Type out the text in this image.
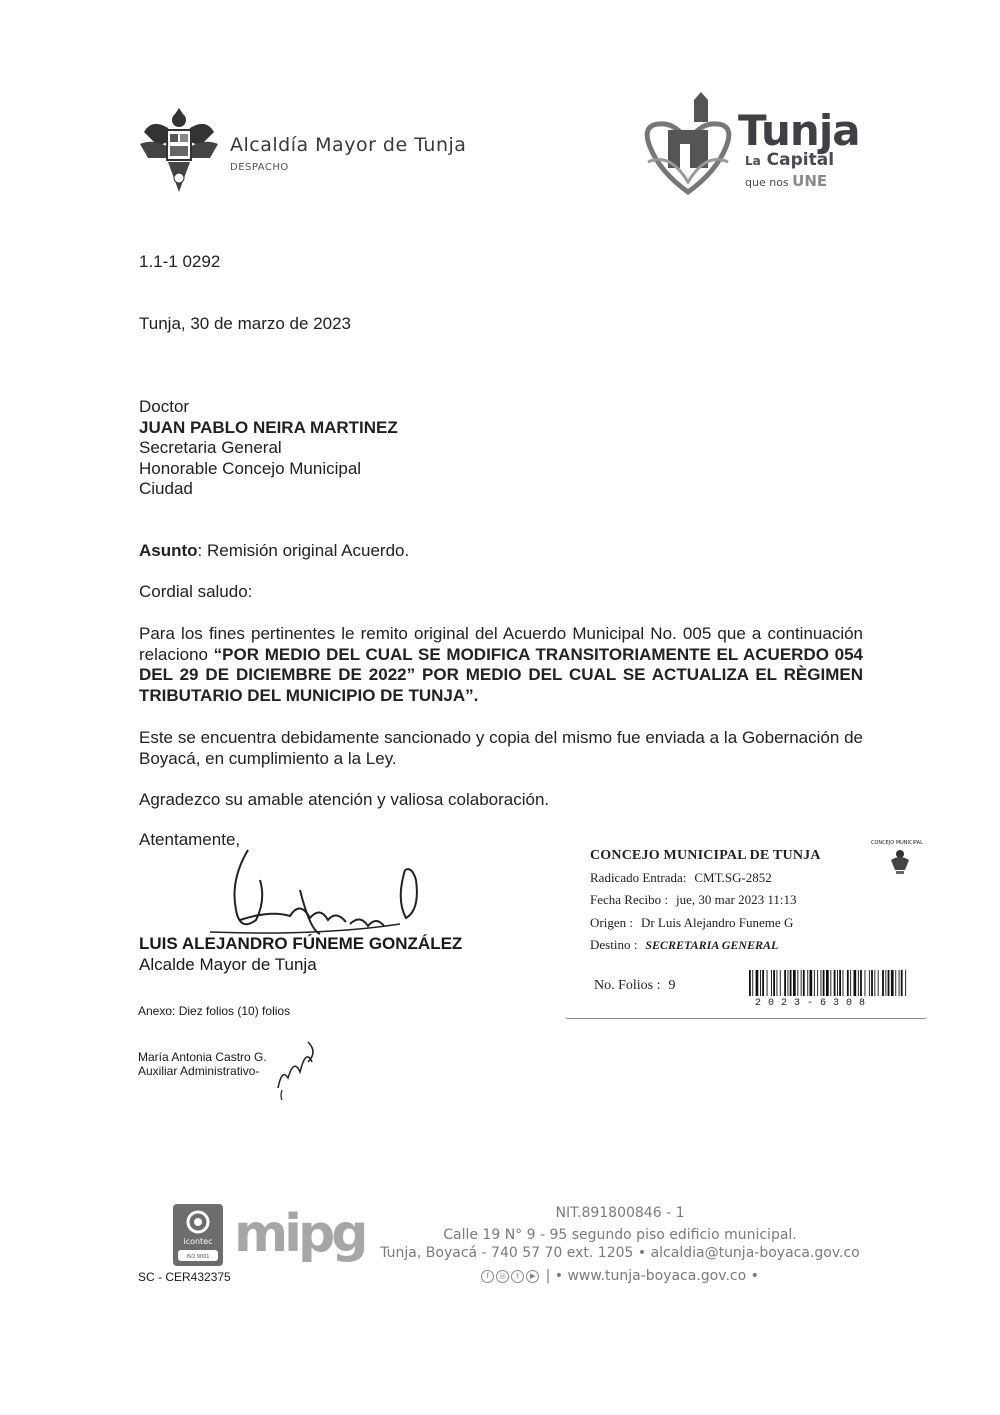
Alcaldía Mayor de Tunja
DESPACHO
Tunja
La Capital
que nos UNE
1.1-1 0292
Tunja, 30 de marzo de 2023
Doctor
JUAN PABLO NEIRA MARTINEZ
Secretaria General
Honorable Concejo Municipal
Ciudad
Asunto: Remisión original Acuerdo.
Cordial saludo:
Para los fines pertinentes le remito original del Acuerdo Municipal No. 005 que a continuación relaciono “POR MEDIO DEL CUAL SE MODIFICA TRANSITORIAMENTE EL ACUERDO 054 DEL 29 DE DICIEMBRE DE 2022” POR MEDIO DEL CUAL SE ACTUALIZA EL RÈGIMEN TRIBUTARIO DEL MUNICIPIO DE TUNJA”.
Este se encuentra debidamente sancionado y copia del mismo fue enviada a la Gobernación de Boyacá, en cumplimiento a la Ley.
Agradezco su amable atención y valiosa colaboración.
Atentamente,
LUIS ALEJANDRO FÚNEME GONZÁLEZ
Alcalde Mayor de Tunja
Anexo: Diez folios (10) folios
María Antonia Castro G.
Auxiliar Administrativo-
CONCEJO MUNICIPAL DE TUNJA
Radicado Entrada: CMT.SG-2852
Fecha Recibo : jue, 30 mar 2023 11:13
Origen : Dr Luis Alejandro Funeme G
Destino : SECRETARIA GENERAL
No. Folios : 9
CONCEJO MUNICIPAL
2023-6308
icontec
ISO 9001 mipg
SC - CER432375
NIT.891800846 - 1
Calle 19 N° 9 - 95 segundo piso edificio municipal.
Tunja, Boyacá - 740 57 70 ext. 1205 • alcaldia@tunja-boyaca.gov.co
f ◎ t ▶ | • www.tunja-boyaca.gov.co •
